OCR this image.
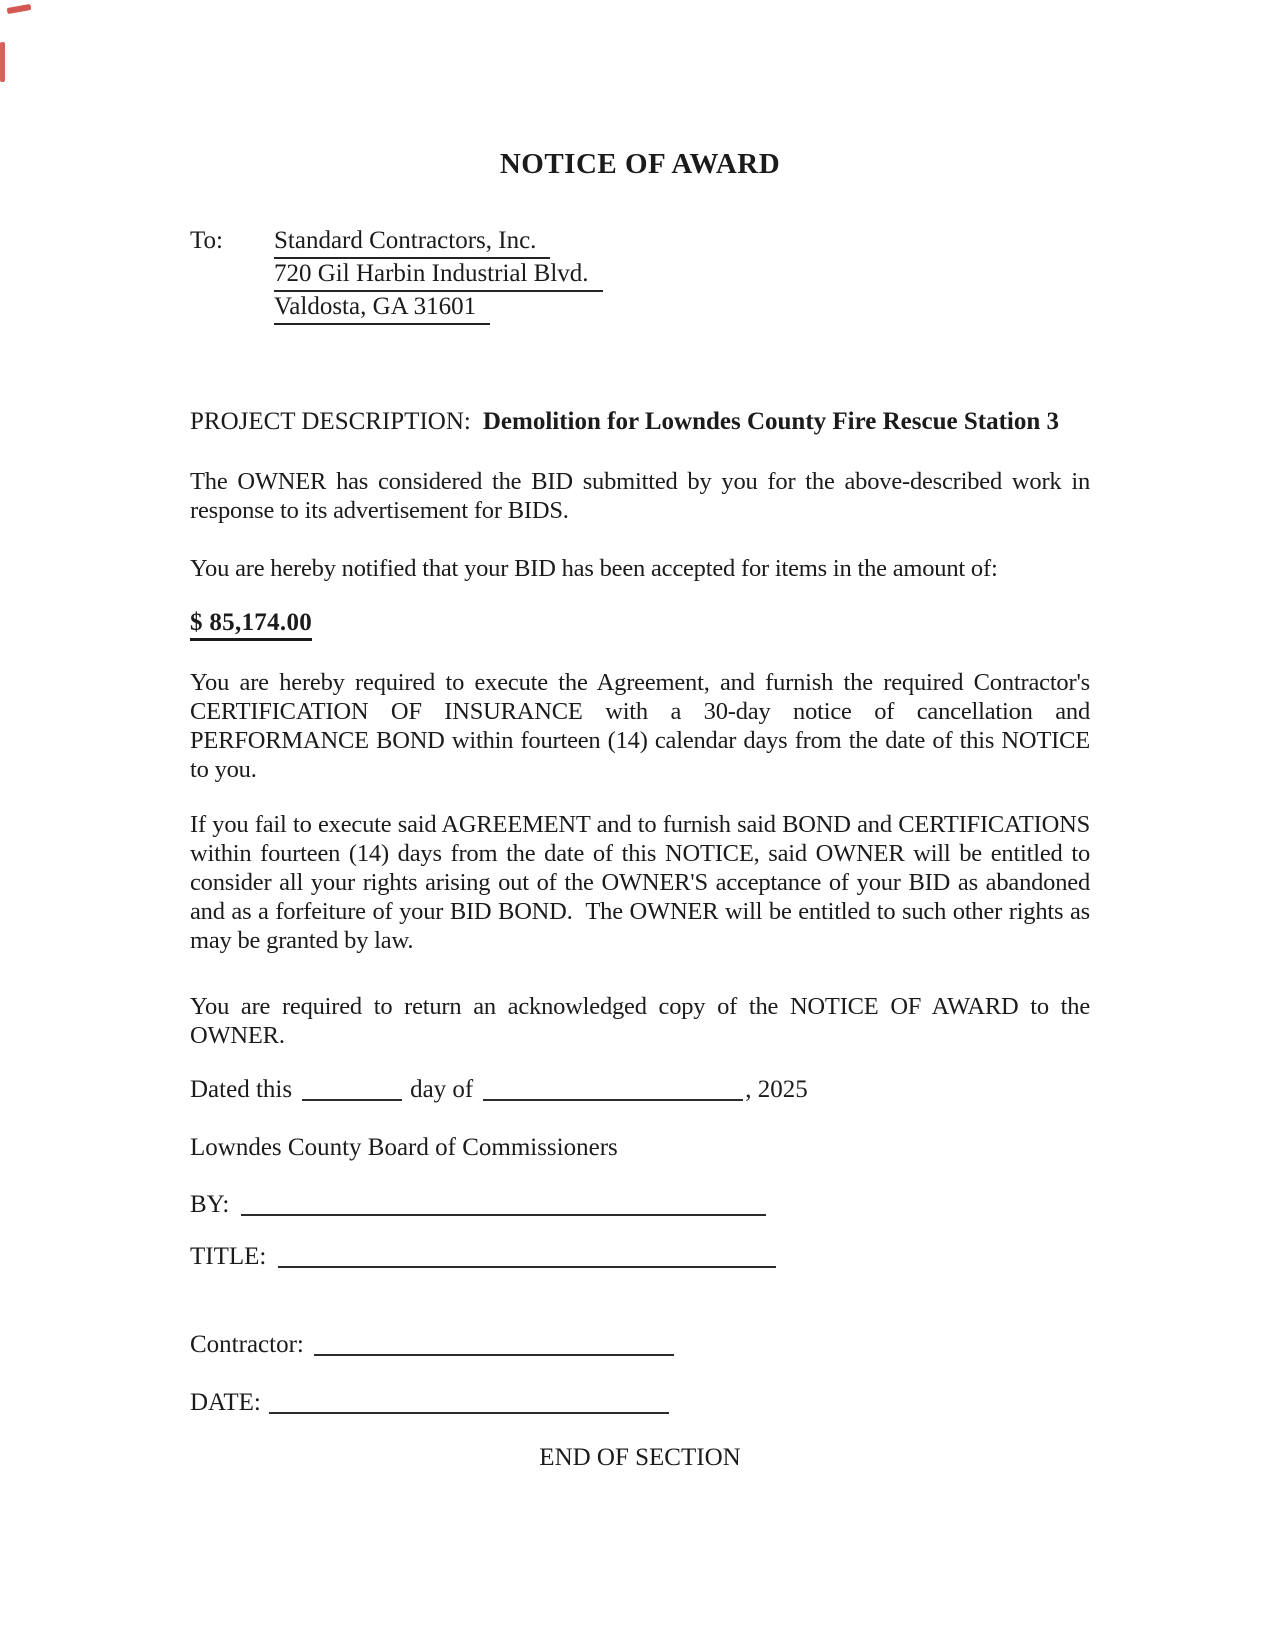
NOTICE OF AWARD
To:	Standard Contractors, Inc.
720 Gil Harbin Industrial Blvd.
Valdosta, GA 31601
PROJECT DESCRIPTION: Demolition for Lowndes County Fire Rescue Station 3
The OWNER has considered the BID submitted by you for the above-described work in response to its advertisement for BIDS.
You are hereby notified that your BID has been accepted for items in the amount of:
$ 85,174.00
You are hereby required to execute the Agreement, and furnish the required Contractor's CERTIFICATION OF INSURANCE with a 30-day notice of cancellation and PERFORMANCE BOND within fourteen (14) calendar days from the date of this NOTICE to you.
If you fail to execute said AGREEMENT and to furnish said BOND and CERTIFICATIONS within fourteen (14) days from the date of this NOTICE, said OWNER will be entitled to consider all your rights arising out of the OWNER'S acceptance of your BID as abandoned and as a forfeiture of your BID BOND.  The OWNER will be entitled to such other rights as may be granted by law.
You are required to return an acknowledged copy of the NOTICE OF AWARD to the OWNER.
Dated this	day of	, 2025
Lowndes County Board of Commissioners
BY:
TITLE:
Contractor:
DATE:
END OF SECTION
